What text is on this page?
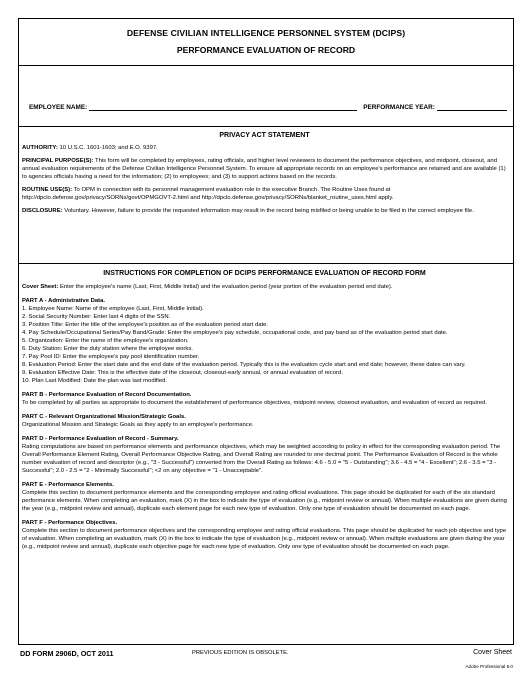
DEFENSE CIVILIAN INTELLIGENCE PERSONNEL SYSTEM (DCIPS)
PERFORMANCE EVALUATION OF RECORD
EMPLOYEE NAME:	PERFORMANCE YEAR:
PRIVACY ACT STATEMENT

AUTHORITY: 10 U.S.C. 1601-1603; and E.O. 9397.

PRINCIPAL PURPOSE(S): This form will be completed by employees, rating officials, and higher level reviewers to document the performance objectives, and midpoint, closeout, and annual evaluation requirements of the Defense Civilian Intelligence Personnel System. To ensure all appropriate records on an employee's performance are retained and are available (1) to agencies officials having a need for the information; (2) to employees; and (3) to support actions based on the records.

ROUTINE USE(S): To OPM in connection with its personnel management evaluation role in the executive Branch. The Routine Uses found at http://dpclo.defense.gov/privacy/SORNs/govt/OPMGOVT-2.html and http://dpclo.defense.gov/privacy/SORNs/blanket_routine_uses.html apply.

DISCLOSURE: Voluntary. However, failure to provide the requested information may result in the record being misfiled or being unable to be filed in the correct employee file.

INSTRUCTIONS FOR COMPLETION OF DCIPS PERFORMANCE EVALUATION OF RECORD FORM

Cover Sheet: Enter the employee's name (Last, First, Middle Initial) and the evaluation period (year portion of the evaluation period end date).

PART A - Administrative Data.

1. Employee Name: Name of the employee (Last, First, Middle Initial).

2. Social Security Number: Enter last 4 digits of the SSN.

3. Position Title: Enter the title of the employee's position as of the evaluation period start date.

4. Pay Schedule/Occupational Series/Pay Band/Grade: Enter the employee's pay schedule, occupational code, and pay band as of the evaluation period start date.

5. Organization: Enter the name of the employee's organization.

6. Duty Station: Enter the duty station where the employee works.

7. Pay Pool ID: Enter the employee's pay pool identification number.

8. Evaluation Period: Enter the start date and the end date of the evaluation period. Typically this is the evaluation cycle start and end date; however, these dates can vary.

9. Evaluation Effective Date: This is the effective date of the closeout, closeout-early annual, or annual evaluation of record.

10. Plan Last Modified: Date the plan was last modified.

PART B - Performance Evaluation of Record Documentation.

To be completed by all parties as appropriate to document the establishment of performance objectives, midpoint review, closeout evaluation, and evaluation of record as required.

PART C - Relevant Organizational Mission/Strategic Goals.

Organizational Mission and Strategic Goals as they apply to an employee's performance.

PART D - Performance Evaluation of Record - Summary.

Rating computations are based on performance elements and performance objectives, which may be weighted according to policy in effect for the corresponding evaluation period. The Overall Performance Element Rating, Overall Performance Objective Rating, and Overall Rating are rounded to one decimal point. The Performance Evaluation of Record is the whole number evaluation of record and descriptor (e.g., "3 - Successful") converted from the Overall Rating as follows: 4.6 - 5.0 = "5 - Outstanding"; 3.6 - 4.5 = "4 - Excellent"; 2.6 - 3.5 = "3 - Successful"; 2.0 - 2.5 = "2 - Minimally Successful"; <2 on any objective = "1 - Unacceptable".

PART E - Performance Elements.

Complete this section to document performance elements and the corresponding employee and rating official evaluations. This page should be duplicated for each of the six standard performance elements. When completing an evaluation, mark (X) in the box to indicate the type of evaluation (e.g., midpoint review or annual). When multiple evaluations are given during the year (e.g., midpoint review and annual), duplicate each element page for each new type of evaluation. Only one type of evaluation should be documented on each page.

PART F - Performance Objectives.

Complete this section to document performance objectives and the corresponding employee and rating official evaluations. This page should be duplicated for each job objective and type of evaluation. When completing an evaluation, mark (X) in the box to indicate the type of evaluation (e.g., midpoint review or annual). When multiple evaluations are given during the year (e.g., midpoint review and annual), duplicate each objective page for each new type of evaluation. Only one type of evaluation should be documented on each page.

DD FORM 2906D, OCT 2011	PREVIOUS EDITION IS OBSOLETE.	Cover Sheet
Adobe Professional 8.0
